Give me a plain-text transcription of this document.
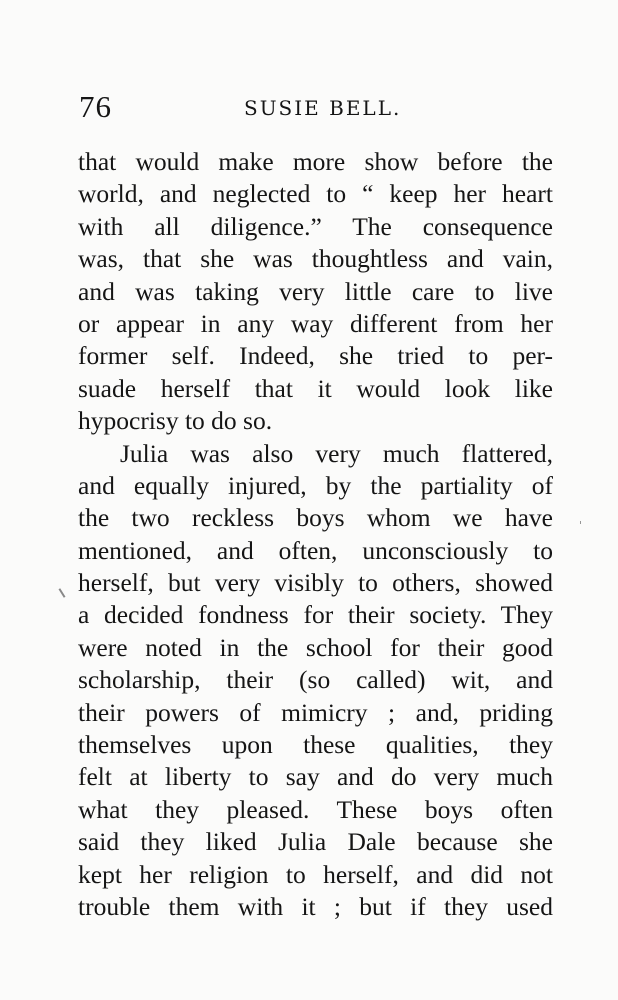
76	SUSIE BELL.
that would make more show before the
world, and neglected to “ keep her heart
with all diligence.” The consequence
was, that she was thoughtless and vain,
and was taking very little care to live
or appear in any way different from her
former self. Indeed, she tried to per-
suade herself that it would look like
hypocrisy to do so.
Julia was also very much flattered,
and equally injured, by the partiality of
the two reckless boys whom we have
mentioned, and often, unconsciously to
herself, but very visibly to others, showed
a decided fondness for their society. They
were noted in the school for their good
scholarship, their (so called) wit, and
their powers of mimicry ; and, priding
themselves upon these qualities, they
felt at liberty to say and do very much
what they pleased. These boys often
said they liked Julia Dale because she
kept her religion to herself, and did not
trouble them with it ; but if they used
